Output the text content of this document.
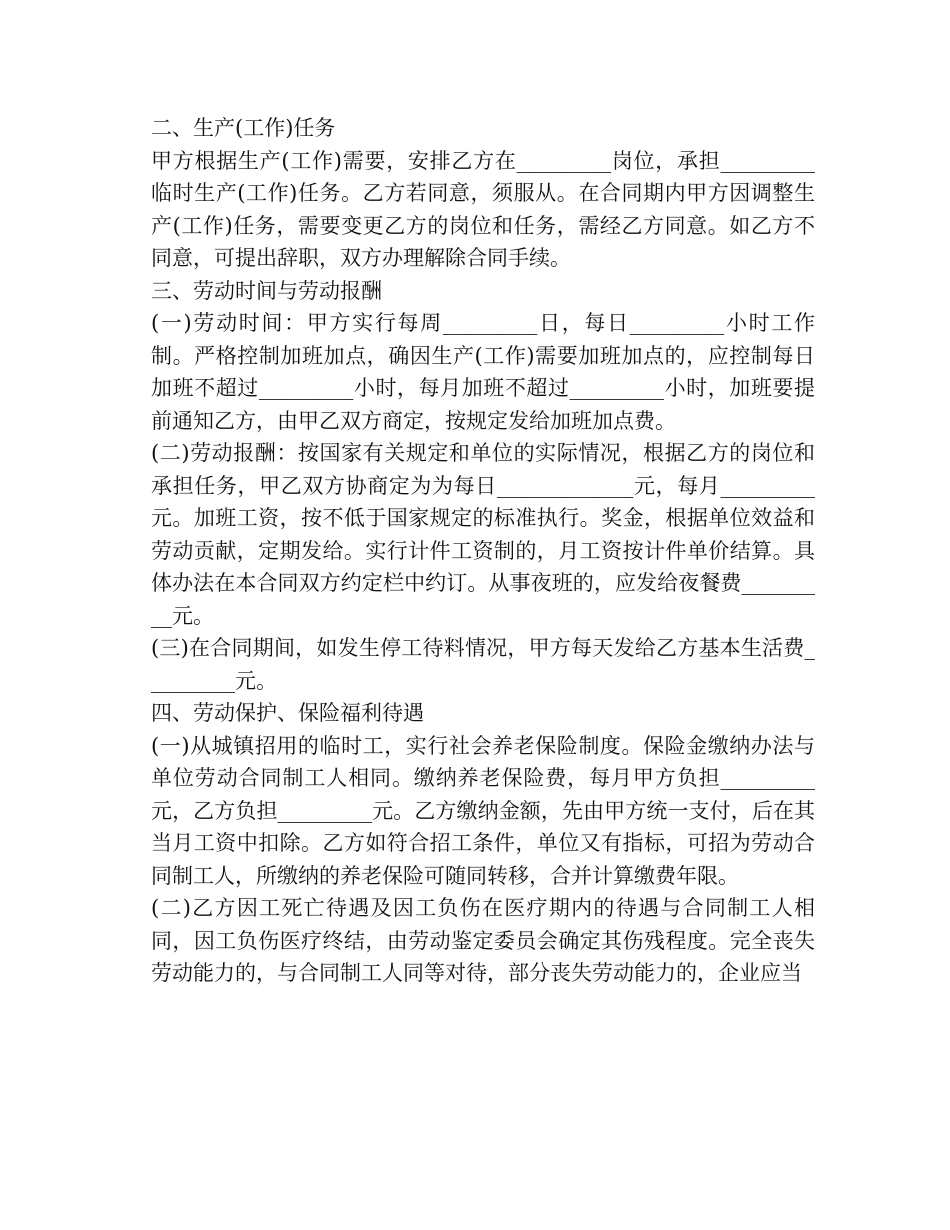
二、生产(工作)任务

甲方根据生产(工作)需要，安排乙方在_________岗位，承担_________临时生产(工作)任务。乙方若同意，须服从。在合同期内甲方因调整生产(工作)任务，需要变更乙方的岗位和任务，需经乙方同意。如乙方不同意，可提出辞职，双方办理解除合同手续。

三、劳动时间与劳动报酬

(一)劳动时间：甲方实行每周_________日，每日_________小时工作制。严格控制加班加点，确因生产(工作)需要加班加点的，应控制每日加班不超过_________小时，每月加班不超过_________小时，加班要提前通知乙方，由甲乙双方商定，按规定发给加班加点费。

(二)劳动报酬：按国家有关规定和单位的实际情况，根据乙方的岗位和承担任务，甲乙双方协商定为为每日_____________元，每月_________元。加班工资，按不低于国家规定的标准执行。奖金，根据单位效益和劳动贡献，定期发给。实行计件工资制的，月工资按计件单价结算。具体办法在本合同双方约定栏中约订。从事夜班的，应发给夜餐费_________元。

(三)在合同期间，如发生停工待料情况，甲方每天发给乙方基本生活费_________元。

四、劳动保护、保险福利待遇

(一)从城镇招用的临时工，实行社会养老保险制度。保险金缴纳办法与单位劳动合同制工人相同。缴纳养老保险费，每月甲方负担_________元，乙方负担_________元。乙方缴纳金额，先由甲方统一支付，后在其当月工资中扣除。乙方如符合招工条件，单位又有指标，可招为劳动合同制工人，所缴纳的养老保险可随同转移，合并计算缴费年限。

(二)乙方因工死亡待遇及因工负伤在医疗期内的待遇与合同制工人相同，因工负伤医疗终结，由劳动鉴定委员会确定其伤残程度。完全丧失劳动能力的，与合同制工人同等对待，部分丧失劳动能力的，企业应当
